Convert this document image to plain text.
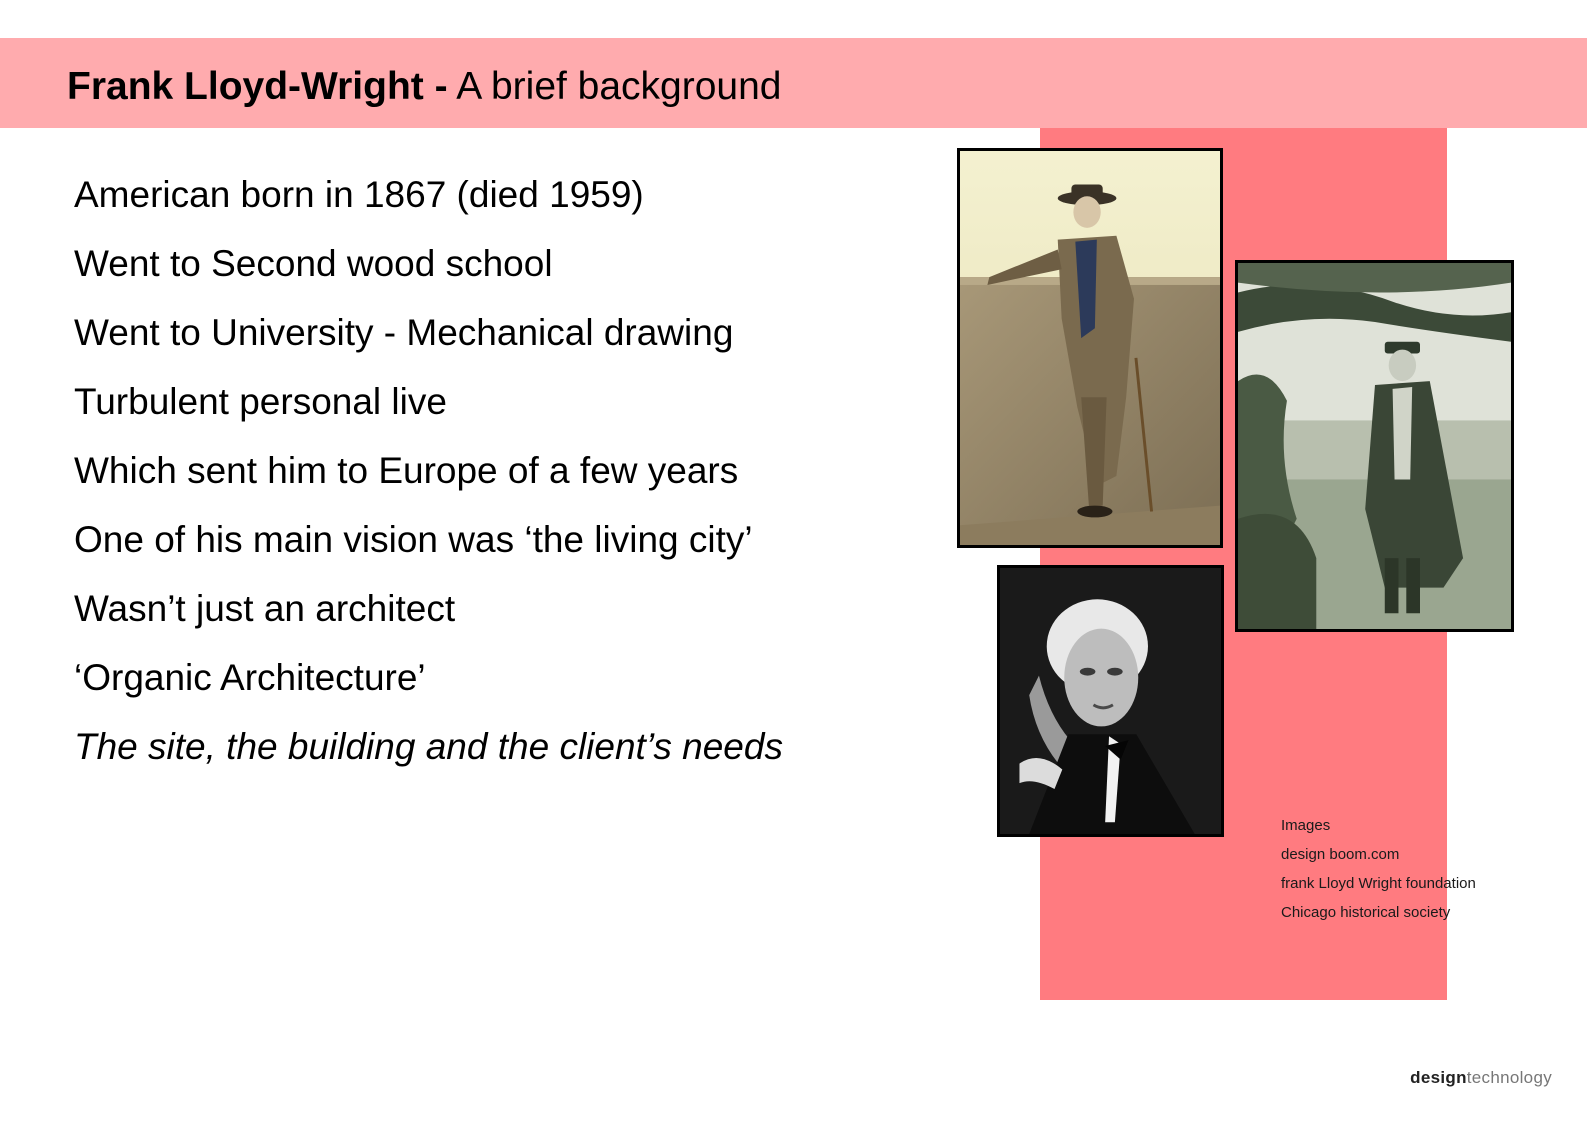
Frank Lloyd-Wright - A brief background
American born in 1867 (died 1959)
Went to Second wood school
Went to University - Mechanical drawing
Turbulent personal live
Which sent him to Europe of a few years
One of his main vision was ‘the living city’
Wasn’t just an architect
‘Organic Architecture’
The site, the building and the client’s needs
Images
design boom.com
frank Lloyd Wright foundation
Chicago historical society
designtechnology
